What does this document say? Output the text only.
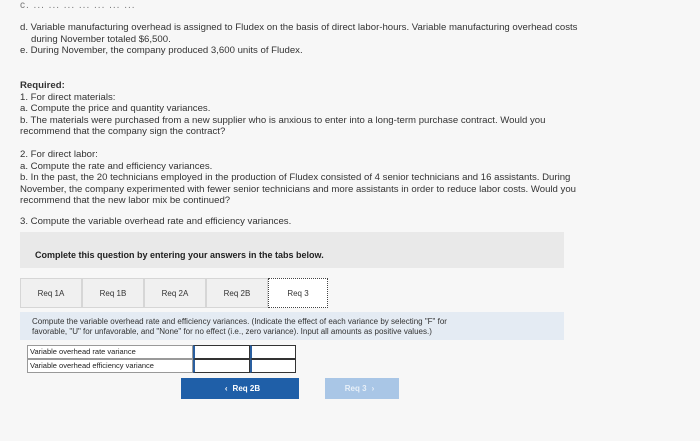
c. ... ... ... ... ... ... ...
d. Variable manufacturing overhead is assigned to Fludex on the basis of direct labor-hours. Variable manufacturing overhead costs
during November totaled $6,500.
e. During November, the company produced 3,600 units of Fludex.
Required:
1. For direct materials:
a. Compute the price and quantity variances.
b. The materials were purchased from a new supplier who is anxious to enter into a long-term purchase contract. Would you
recommend that the company sign the contract?
2. For direct labor:
a. Compute the rate and efficiency variances.
b. In the past, the 20 technicians employed in the production of Fludex consisted of 4 senior technicians and 16 assistants. During
November, the company experimented with fewer senior technicians and more assistants in order to reduce labor costs. Would you
recommend that the new labor mix be continued?
3. Compute the variable overhead rate and efficiency variances.
Complete this question by entering your answers in the tabs below.
Req 1A	Req 1B	Req 2A	Req 2B	Req 3
Compute the variable overhead rate and efficiency variances. (Indicate the effect of each variance by selecting "F" for
favorable, "U" for unfavorable, and "None" for no effect (i.e., zero variance). Input all amounts as positive values.)
Variable overhead rate variance
Variable overhead efficiency variance
‹ Req 2B	Req 3 ›
